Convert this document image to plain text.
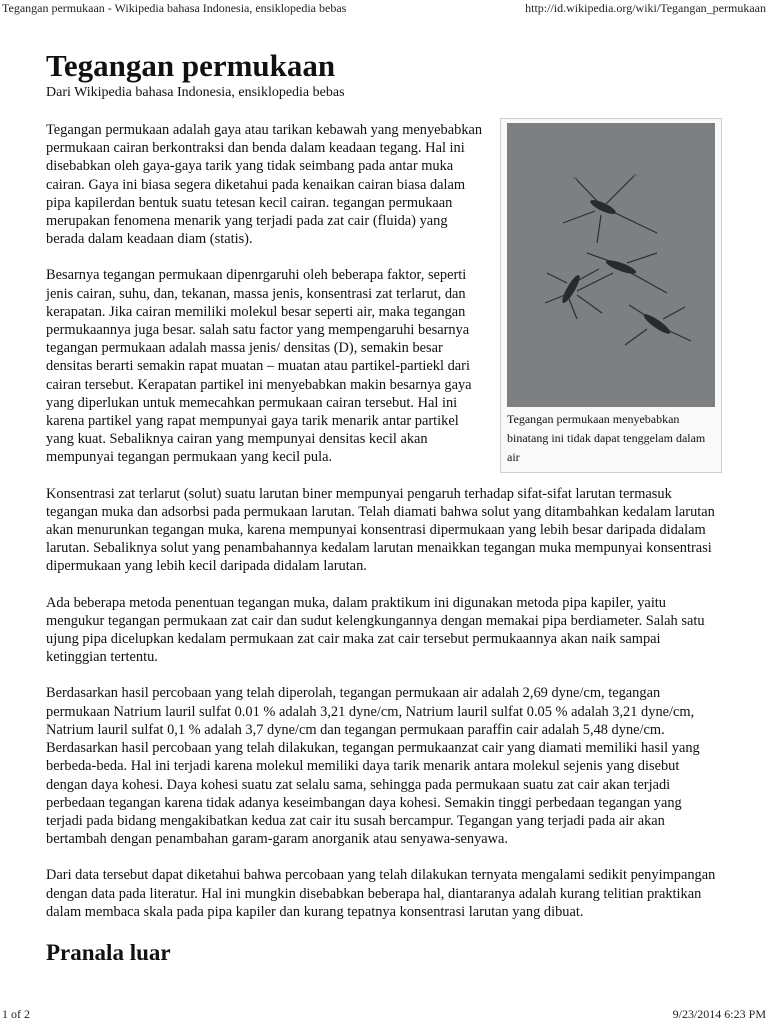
Tegangan permukaan - Wikipedia bahasa Indonesia, ensiklopedia bebas	http://id.wikipedia.org/wiki/Tegangan_permukaan
Tegangan permukaan
Dari Wikipedia bahasa Indonesia, ensiklopedia bebas
Tegangan permukaan menyebabkan binatang ini tidak dapat tenggelam dalam air

Tegangan permukaan adalah gaya atau tarikan kebawah yang menyebabkan permukaan cairan berkontraksi dan benda dalam keadaan tegang. Hal ini disebabkan oleh gaya-gaya tarik yang tidak seimbang pada antar muka cairan. Gaya ini biasa segera diketahui pada kenaikan cairan biasa dalam pipa kapilerdan bentuk suatu tetesan kecil cairan. tegangan permukaan merupakan fenomena menarik yang terjadi pada zat cair (fluida) yang berada dalam keadaan diam (statis).

Besarnya tegangan permukaan dipenrgaruhi oleh beberapa faktor, seperti jenis cairan, suhu, dan, tekanan, massa jenis, konsentrasi zat terlarut, dan kerapatan. Jika cairan memiliki molekul besar seperti air, maka tegangan permukaannya juga besar. salah satu factor yang mempengaruhi besarnya tegangan permukaan adalah massa jenis/ densitas (D), semakin besar densitas berarti semakin rapat muatan – muatan atau partikel-partiekl dari cairan tersebut. Kerapatan partikel ini menyebabkan makin besarnya gaya yang diperlukan untuk memecahkan permukaan cairan tersebut. Hal ini karena partikel yang rapat mempunyai gaya tarik menarik antar partikel yang kuat. Sebaliknya cairan yang mempunyai densitas kecil akan mempunyai tegangan permukaan yang kecil pula.

Konsentrasi zat terlarut (solut) suatu larutan biner mempunyai pengaruh terhadap sifat-sifat larutan termasuk tegangan muka dan adsorbsi pada permukaan larutan. Telah diamati bahwa solut yang ditambahkan kedalam larutan akan menurunkan tegangan muka, karena mempunyai konsentrasi dipermukaan yang lebih besar daripada didalam larutan. Sebaliknya solut yang penambahannya kedalam larutan menaikkan tegangan muka mempunyai konsentrasi dipermukaan yang lebih kecil daripada didalam larutan.

Ada beberapa metoda penentuan tegangan muka, dalam praktikum ini digunakan metoda pipa kapiler, yaitu mengukur tegangan permukaan zat cair dan sudut kelengkungannya dengan memakai pipa berdiameter. Salah satu ujung pipa dicelupkan kedalam permukaan zat cair maka zat cair tersebut permukaannya akan naik sampai ketinggian tertentu.

Berdasarkan hasil percobaan yang telah diperolah, tegangan permukaan air adalah 2,69 dyne/cm, tegangan permukaan Natrium lauril sulfat 0.01 % adalah 3,21 dyne/cm, Natrium lauril sulfat 0.05 % adalah 3,21 dyne/cm, Natrium lauril sulfat 0,1 % adalah 3,7 dyne/cm dan tegangan permukaan paraffin cair adalah 5,48 dyne/cm. Berdasarkan hasil percobaan yang telah dilakukan, tegangan permukaanzat cair yang diamati memiliki hasil yang berbeda-beda. Hal ini terjadi karena molekul memiliki daya tarik menarik antara molekul sejenis yang disebut dengan daya kohesi. Daya kohesi suatu zat selalu sama, sehingga pada permukaan suatu zat cair akan terjadi perbedaan tegangan karena tidak adanya keseimbangan daya kohesi. Semakin tinggi perbedaan tegangan yang terjadi pada bidang mengakibatkan kedua zat cair itu susah bercampur. Tegangan yang terjadi pada air akan bertambah dengan penambahan garam-garam anorganik atau senyawa-senyawa.

Dari data tersebut dapat diketahui bahwa percobaan yang telah dilakukan ternyata mengalami sedikit penyimpangan dengan data pada literatur. Hal ini mungkin disebabkan beberapa hal, diantaranya adalah kurang telitian praktikan dalam membaca skala pada pipa kapiler dan kurang tepatnya konsentrasi larutan yang dibuat.

Pranala luar
1 of 2	9/23/2014 6:23 PM
